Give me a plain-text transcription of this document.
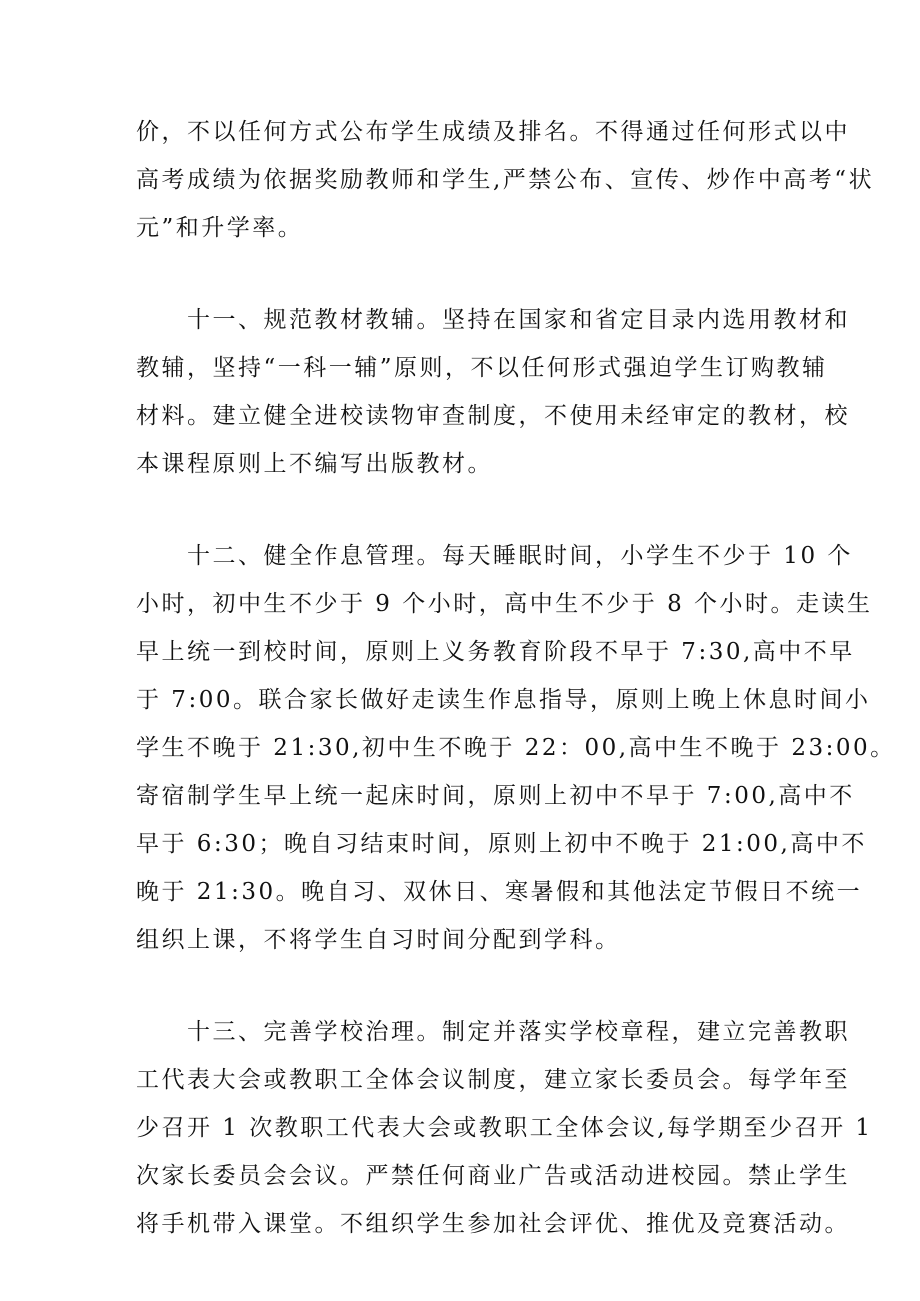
价，不以任何方式公布学生成绩及排名。不得通过任何形式以中
高考成绩为依据奖励教师和学生,严禁公布、宣传、炒作中高考“状
元”和升学率。
　　十一、规范教材教辅。坚持在国家和省定目录内选用教材和
教辅，坚持“一科一辅”原则，不以任何形式强迫学生订购教辅
材料。建立健全进校读物审查制度，不使用未经审定的教材，校
本课程原则上不编写出版教材。
　　十二、健全作息管理。每天睡眠时间，小学生不少于 10 个
小时，初中生不少于 9 个小时，高中生不少于 8 个小时。走读生
早上统一到校时间，原则上义务教育阶段不早于 7:30,高中不早
于 7:00。联合家长做好走读生作息指导，原则上晚上休息时间小
学生不晚于 21:30,初中生不晚于 22：00,高中生不晚于 23:00。
寄宿制学生早上统一起床时间，原则上初中不早于 7:00,高中不
早于 6:30；晚自习结束时间，原则上初中不晚于 21:00,高中不
晚于 21:30。晚自习、双休日、寒暑假和其他法定节假日不统一
组织上课，不将学生自习时间分配到学科。
　　十三、完善学校治理。制定并落实学校章程，建立完善教职
工代表大会或教职工全体会议制度，建立家长委员会。每学年至
少召开 1 次教职工代表大会或教职工全体会议,每学期至少召开 1
次家长委员会会议。严禁任何商业广告或活动进校园。禁止学生
将手机带入课堂。不组织学生参加社会评优、推优及竞赛活动。
